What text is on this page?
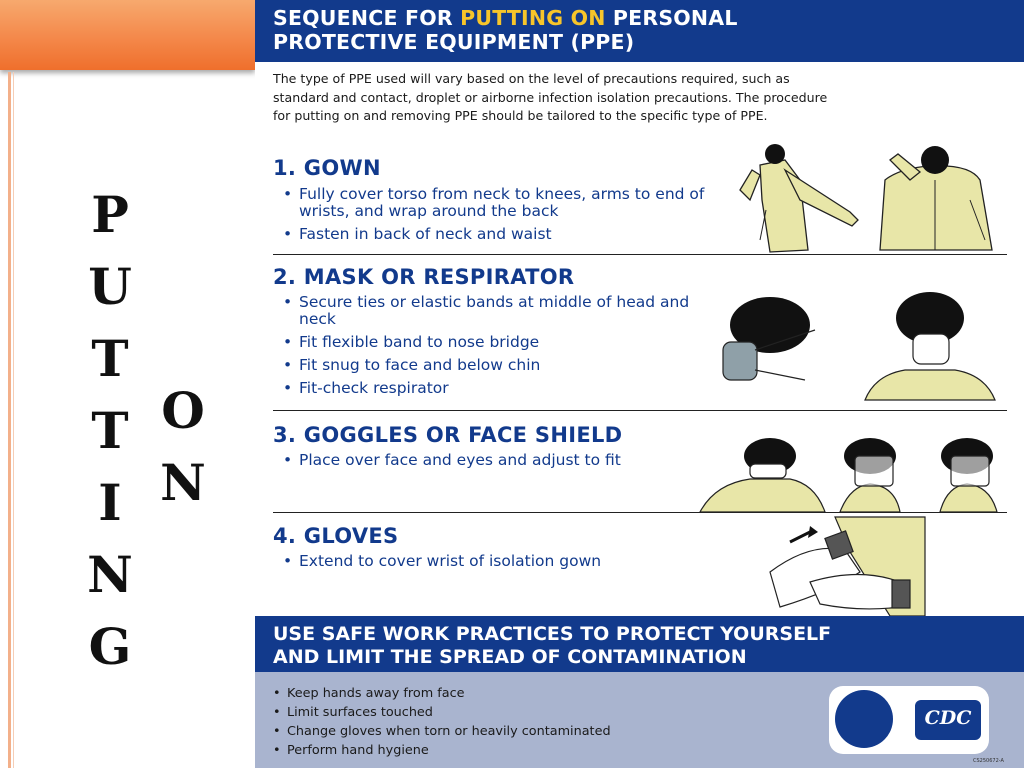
P
U
T
T
I
N
G
O
N
SEQUENCE FOR PUTTING ON PERSONAL
PROTECTIVE EQUIPMENT (PPE)
The type of PPE used will vary based on the level of precautions required, such as
standard and contact, droplet or airborne infection isolation precautions. The procedure
for putting on and removing PPE should be tailored to the specific type of PPE.
1. GOWN
• Fully cover torso from neck to knees, arms to end of wrists, and wrap around the back
• Fasten in back of neck and waist
2. MASK OR RESPIRATOR
• Secure ties or elastic bands at middle of head and neck
• Fit flexible band to nose bridge
• Fit snug to face and below chin
• Fit-check respirator
3. GOGGLES OR FACE SHIELD
• Place over face and eyes and adjust to fit
4. GLOVES
• Extend to cover wrist of isolation gown
USE SAFE WORK PRACTICES TO PROTECT YOURSELF
AND LIMIT THE SPREAD OF CONTAMINATION
• Keep hands away from face
• Limit surfaces touched
• Change gloves when torn or heavily contaminated
• Perform hand hygiene
CDC
CS250672-A
